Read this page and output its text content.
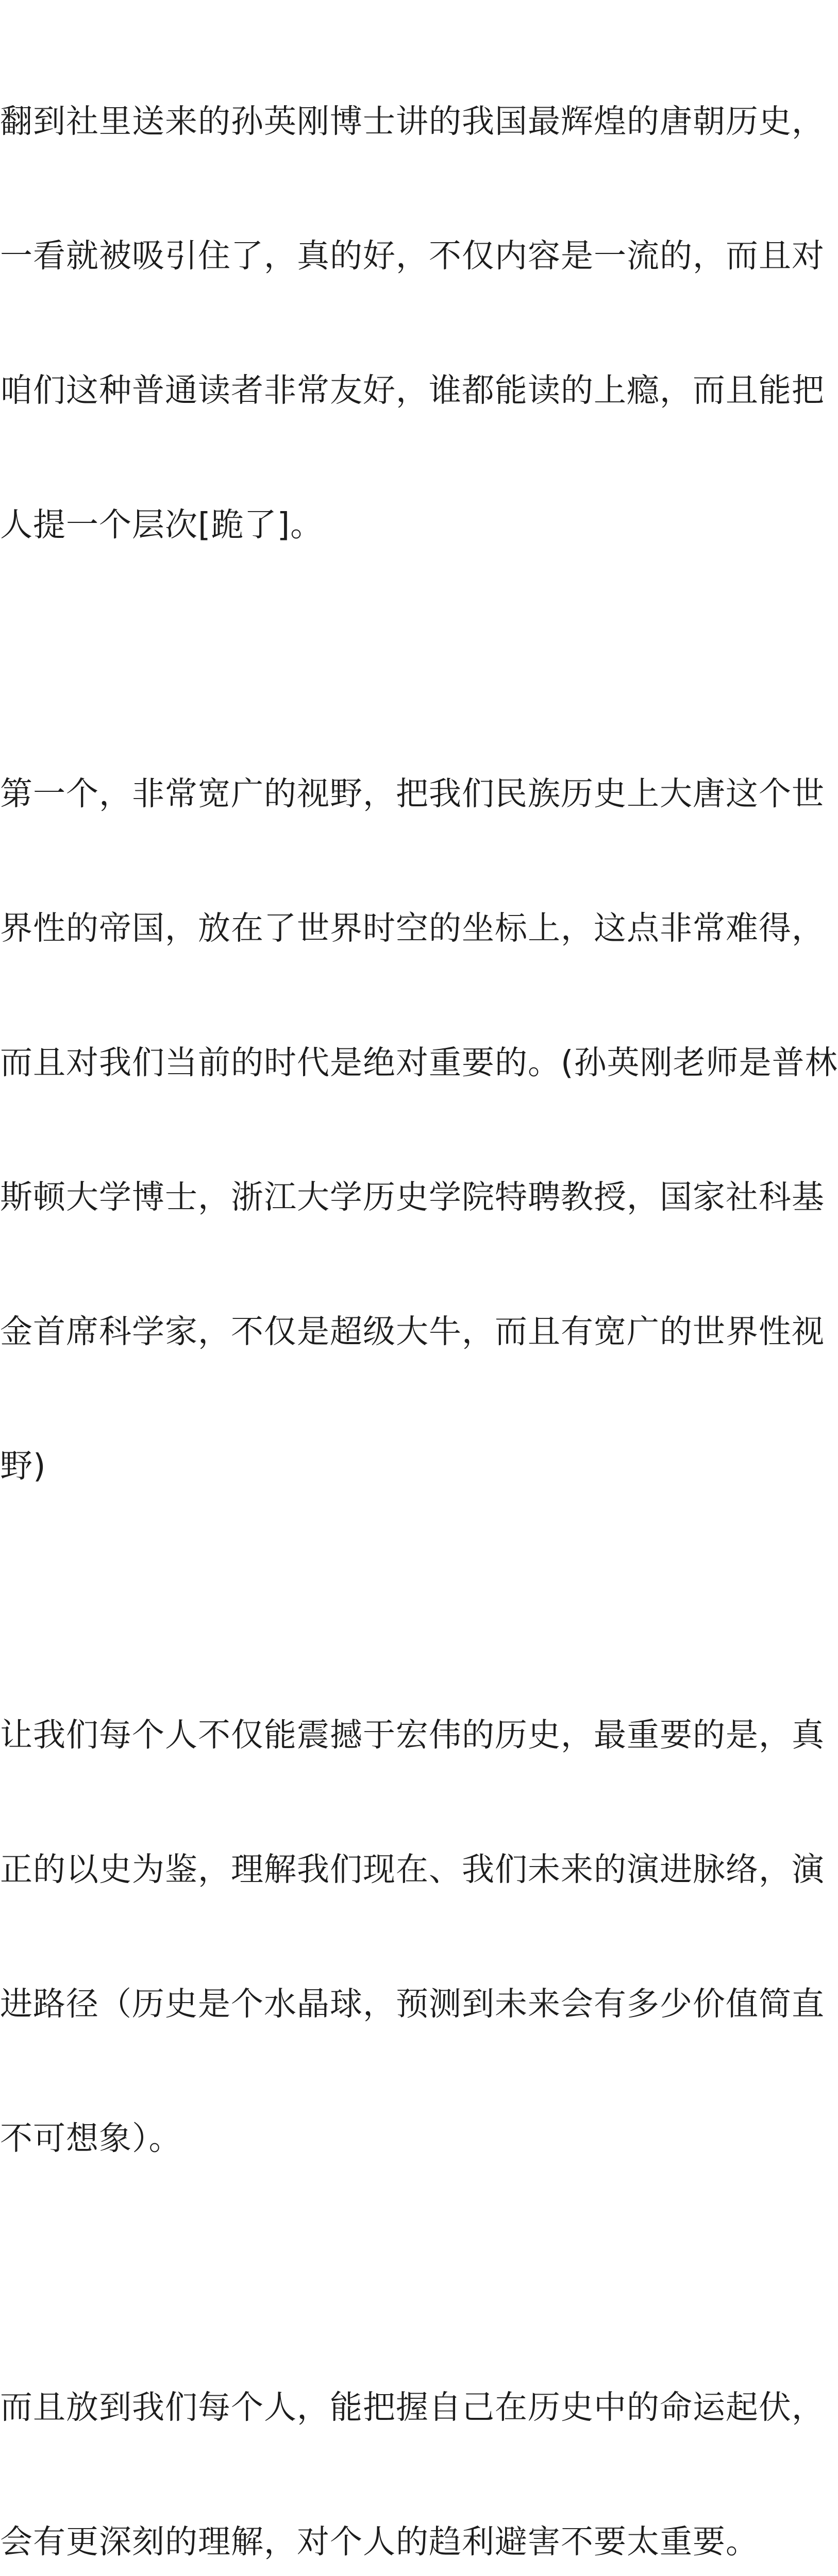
翻到社里送来的孙英刚博士讲的我国最辉煌的唐朝历史，

一看就被吸引住了，真的好，不仅内容是一流的，而且对

咱们这种普通读者非常友好，谁都能读的上瘾，而且能把

人提一个层次[跪了]。

第一个，非常宽广的视野，把我们民族历史上大唐这个世

界性的帝国，放在了世界时空的坐标上，这点非常难得，

而且对我们当前的时代是绝对重要的。(孙英刚老师是普林

斯顿大学博士，浙江大学历史学院特聘教授，国家社科基

金首席科学家，不仅是超级大牛，而且有宽广的世界性视

野)

让我们每个人不仅能震撼于宏伟的历史，最重要的是，真

正的以史为鉴，理解我们现在、我们未来的演进脉络，演

进路径（历史是个水晶球，预测到未来会有多少价值简直

不可想象）。

而且放到我们每个人，能把握自己在历史中的命运起伏，

会有更深刻的理解，对个人的趋利避害不要太重要。
